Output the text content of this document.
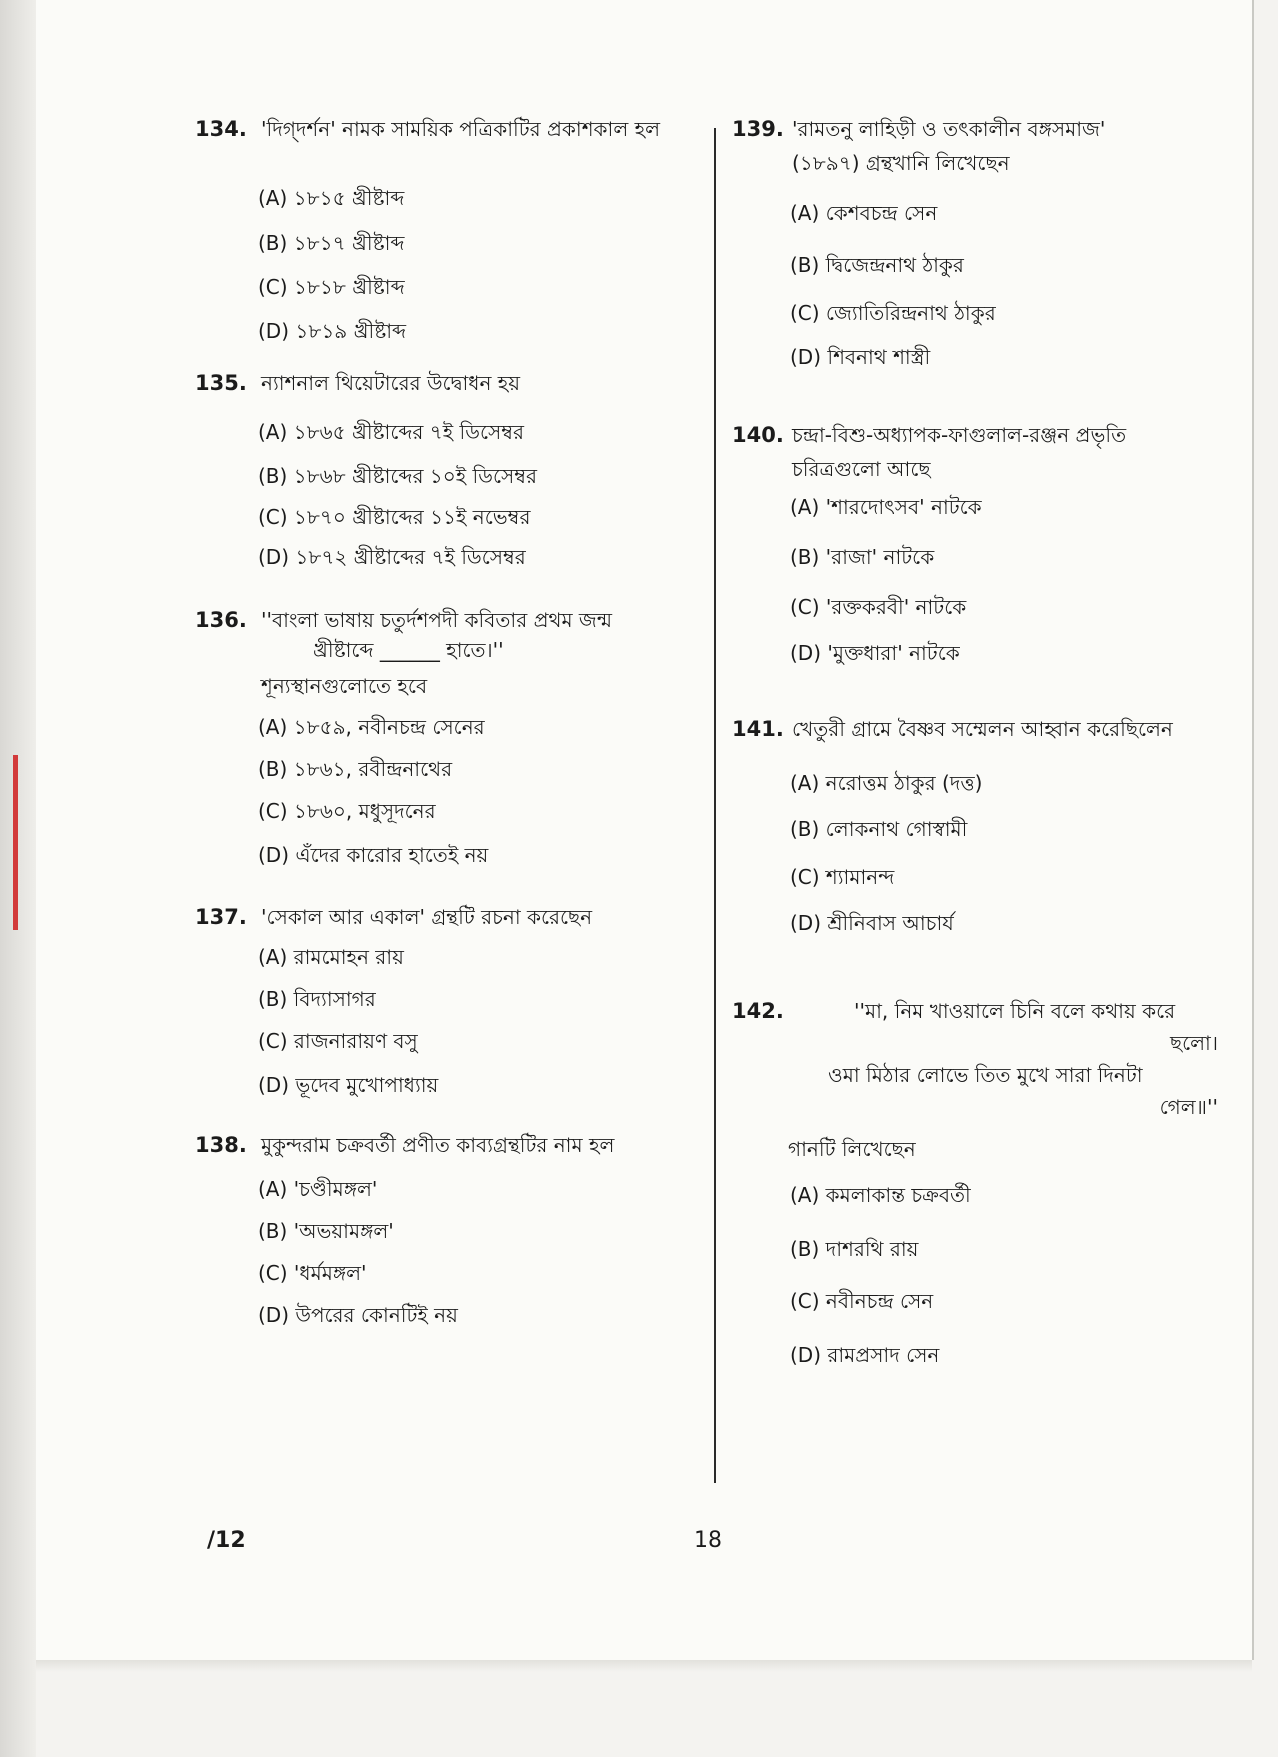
134. 'দিগ্‌দর্শন' নামক সাময়িক পত্রিকাটির প্রকাশকাল হল
(A) ১৮১৫ খ্রীষ্টাব্দ
(B) ১৮১৭ খ্রীষ্টাব্দ
(C) ১৮১৮ খ্রীষ্টাব্দ
(D) ১৮১৯ খ্রীষ্টাব্দ
135. ন্যাশনাল থিয়েটারের উদ্বোধন হয়
(A) ১৮৬৫ খ্রীষ্টাব্দের ৭ই ডিসেম্বর
(B) ১৮৬৮ খ্রীষ্টাব্দের ১০ই ডিসেম্বর
(C) ১৮৭০ খ্রীষ্টাব্দের ১১ই নভেম্বর
(D) ১৮৭২ খ্রীষ্টাব্দের ৭ই ডিসেম্বর
136. ''বাংলা ভাষায় চতুর্দশপদী কবিতার প্রথম জন্ম
খ্রীষ্টাব্দে ______ হাতে।''
শূন্যস্থানগুলোতে হবে
(A) ১৮৫৯, নবীনচন্দ্র সেনের
(B) ১৮৬১, রবীন্দ্রনাথের
(C) ১৮৬০, মধুসূদনের
(D) এঁদের কারোর হাতেই নয়
137. 'সেকাল আর একাল' গ্রন্থটি রচনা করেছেন
(A) রামমোহন রায়
(B) বিদ্যাসাগর
(C) রাজনারায়ণ বসু
(D) ভূদেব মুখোপাধ্যায়
138. মুকুন্দরাম চক্রবর্তী প্রণীত কাব্যগ্রন্থটির নাম হল
(A) 'চণ্ডীমঙ্গল'
(B) 'অভয়ামঙ্গল'
(C) 'ধর্মমঙ্গল'
(D) উপরের কোনটিই নয়
139. 'রামতনু লাহিড়ী ও তৎকালীন বঙ্গসমাজ'
(১৮৯৭) গ্রন্থখানি লিখেছেন
(A) কেশবচন্দ্র সেন
(B) দ্বিজেন্দ্রনাথ ঠাকুর
(C) জ্যোতিরিন্দ্রনাথ ঠাকুর
(D) শিবনাথ শাস্ত্রী
140. চন্দ্রা-বিশু-অধ্যাপক-ফাগুলাল-রঞ্জন প্রভৃতি
চরিত্রগুলো আছে
(A) 'শারদোৎসব' নাটকে
(B) 'রাজা' নাটকে
(C) 'রক্তকরবী' নাটকে
(D) 'মুক্তধারা' নাটকে
141. খেতুরী গ্রামে বৈষ্ণব সম্মেলন আহ্বান করেছিলেন
(A) নরোত্তম ঠাকুর (দত্ত)
(B) লোকনাথ গোস্বামী
(C) শ্যামানন্দ
(D) শ্রীনিবাস আচার্য
142.	''মা, নিম খাওয়ালে চিনি বলে কথায় করে
ছলো।
ওমা মিঠার লোভে তিত মুখে সারা দিনটা
গেল॥''
গানটি লিখেছেন
(A) কমলাকান্ত চক্রবর্তী
(B) দাশরথি রায়
(C) নবীনচন্দ্র সেন
(D) রামপ্রসাদ সেন
/12	18
